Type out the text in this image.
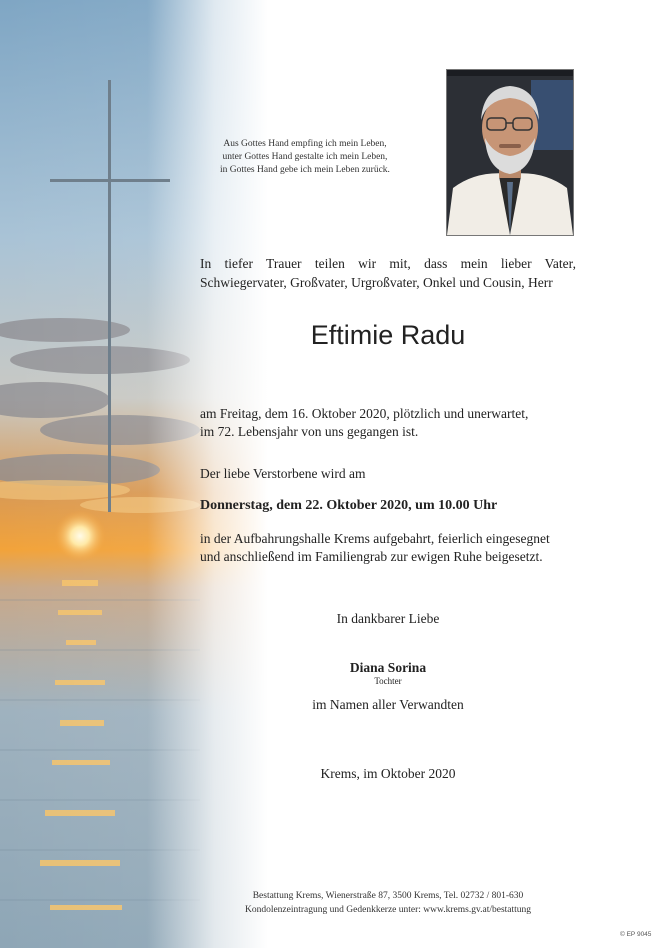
Aus Gottes Hand empfing ich mein Leben,
unter Gottes Hand gestalte ich mein Leben,
in Gottes Hand gebe ich mein Leben zurück.
In tiefer Trauer teilen wir mit, dass mein lieber Vater,
Schwiegervater, Großvater, Urgroßvater, Onkel und Cousin, Herr
Eftimie Radu
am Freitag, dem 16. Oktober 2020, plötzlich und unerwartet,
im 72. Lebensjahr von uns gegangen ist.
Der liebe Verstorbene wird am
Donnerstag, dem 22. Oktober 2020, um 10.00 Uhr
in der Aufbahrungshalle Krems aufgebahrt, feierlich eingesegnet
und anschließend im Familiengrab zur ewigen Ruhe beigesetzt.
In dankbarer Liebe
Diana Sorina
Tochter
im Namen aller Verwandten
Krems, im Oktober 2020
Bestattung Krems, Wienerstraße 87, 3500 Krems, Tel. 02732 / 801-630
Kondolenzeintragung und Gedenkkerze unter: www.krems.gv.at/bestattung
© EP 9045
